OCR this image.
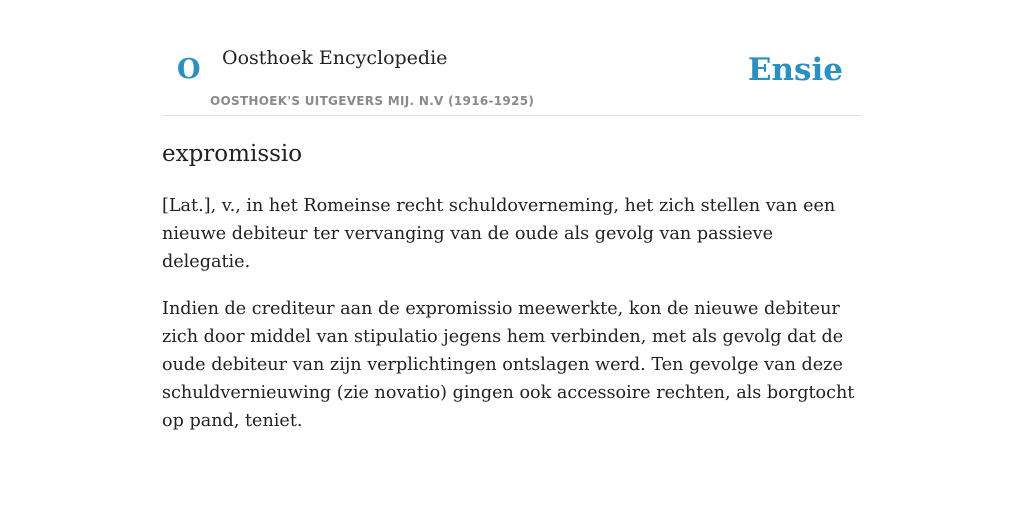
O Oosthoek Encyclopedie
OOSTHOEK'S UITGEVERS MIJ. N.V (1916-1925)
Ensie
expromissio

[Lat.], v., in het Romeinse recht schuldoverneming, het zich stellen van een nieuwe debiteur ter vervanging van de oude als gevolg van passieve delegatie.

Indien de crediteur aan de expromissio meewerkte, kon de nieuwe debiteur zich door middel van stipulatio jegens hem verbinden, met als gevolg dat de oude debiteur van zijn verplichtingen ontslagen werd. Ten gevolge van deze schuldvernieuwing (zie novatio) gingen ook accessoire rechten, als borgtocht op pand, teniet.
